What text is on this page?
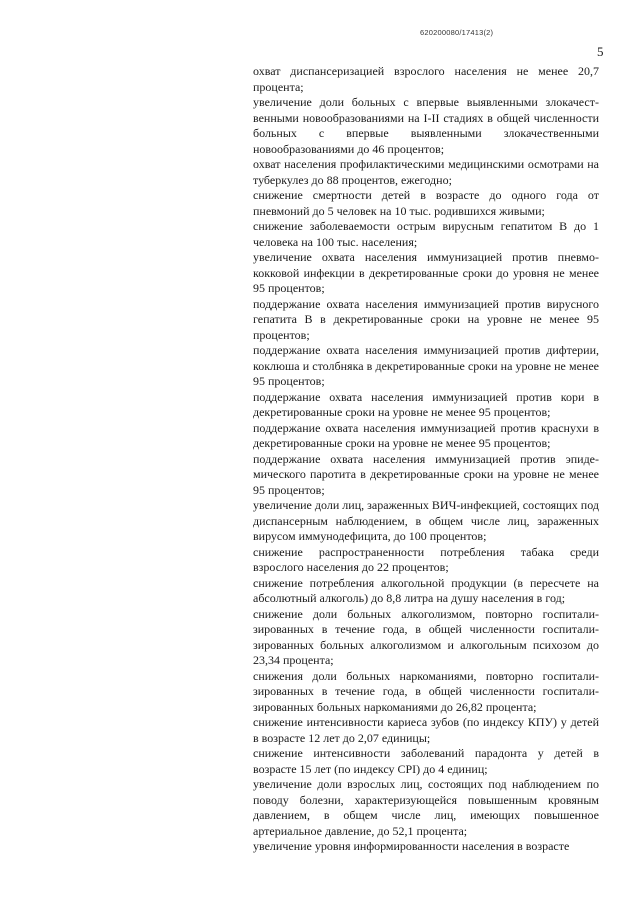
620200080/17413(2)
5

охват диспансеризацией взрослого населения не менее 20,7 процента;

увеличение доли больных с впервые выявленными злокачественными новообразованиями на I-II стадиях в общей численности больных с впервые выявленными злокачественными новообразованиями до 46 процентов;

охват населения профилактическими медицинскими осмотрами на туберкулез до 88 процентов, ежегодно;

снижение смертности детей в возрасте до одного года от пневмоний до 5 человек на 10 тыс. родившихся живыми;

снижение заболеваемости острым вирусным гепатитом В до 1 человека на 100 тыс. населения;

увеличение охвата населения иммунизацией против пневмококковой инфекции в декретированные сроки до уровня не менее 95 процентов;

поддержание охвата населения иммунизацией против вирусного гепатита В в декретированные сроки на уровне не менее 95 процентов;

поддержание охвата населения иммунизацией против дифтерии, коклюша и столбняка в декретированные сроки на уровне не менее 95 процентов;

поддержание охвата населения иммунизацией против кори в декретированные сроки на уровне не менее 95 процентов;

поддержание охвата населения иммунизацией против краснухи в декретированные сроки на уровне не менее 95 процентов;

поддержание охвата населения иммунизацией против эпидемического паротита в декретированные сроки на уровне не менее 95 процентов;

увеличение доли лиц, зараженных ВИЧ-инфекцией, состоящих под диспансерным наблюдением, в общем числе лиц, зараженных вирусом иммунодефицита, до 100 процентов;

снижение распространенности потребления табака среди взрослого населения до 22 процентов;

снижение потребления алкогольной продукции (в пересчете на абсолютный алкоголь) до 8,8 литра на душу населения в год;

снижение доли больных алкоголизмом, повторно госпитализированных в течение года, в общей численности госпитализированных больных алкоголизмом и алкогольным психозом до 23,34 процента;

снижения доли больных наркоманиями, повторно госпитализированных в течение года, в общей численности госпитализированных больных наркоманиями до 26,82 процента;

снижение интенсивности кариеса зубов (по индексу КПУ) у детей в возрасте 12 лет до 2,07 единицы;

снижение интенсивности заболеваний парадонта у детей в возрасте 15 лет (по индексу CPI) до 4 единиц;

увеличение доли взрослых лиц, состоящих под наблюдением по поводу болезни, характеризующейся повышенным кровяным давлением, в общем числе лиц, имеющих повышенное артериальное давление, до 52,1 процента;

увеличение уровня информированности населения в возрасте
